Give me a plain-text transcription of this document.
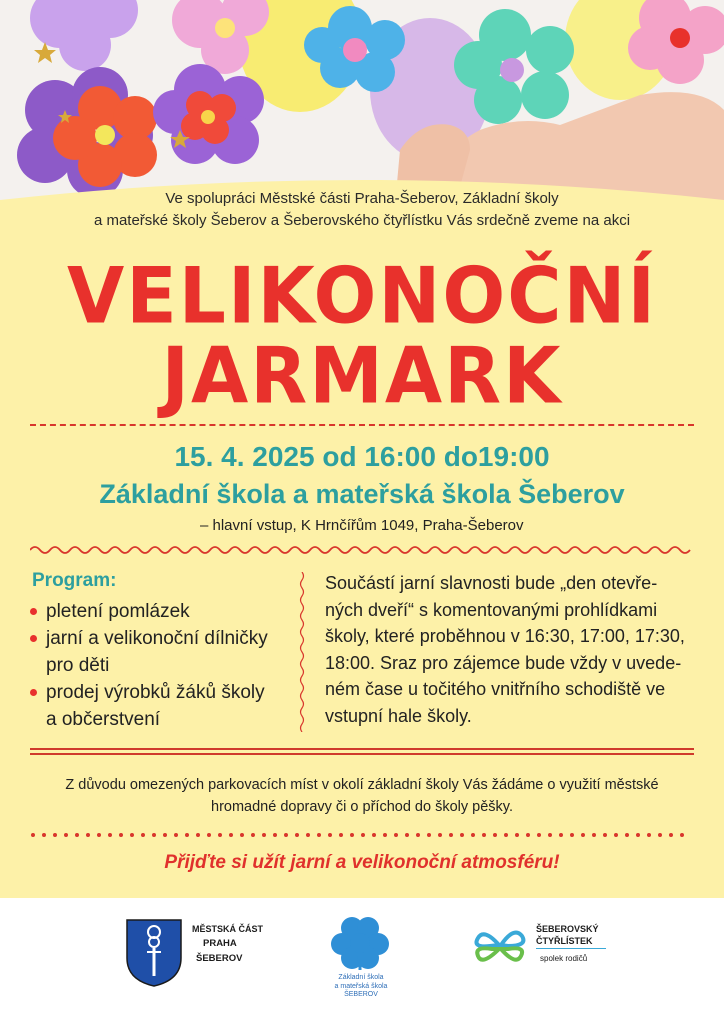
Ve spolupráci Městské části Praha-Šeberov, Základní školy
a mateřské školy Šeberov a Šeberovského čtyřlístku Vás srdečně zveme na akci
VELIKONOČNÍ
JARMARK
15. 4. 2025 od 16:00 do19:00
Základní škola a mateřská škola Šeberov
– hlavní vstup, K Hrnčířům 1049, Praha-Šeberov
Program:
pletení pomlázek
jarní a velikonoční dílničky
pro děti
prodej výrobků žáků školy
a občerstvení
Součástí jarní slavnosti bude „den otevře-
ných dveří“ s komentovanými prohlídkami
školy, které proběhnou v 16:30, 17:00, 17:30,
18:00. Sraz pro zájemce bude vždy v uvede-
ném čase u točitého vnitřního schodiště ve
vstupní hale školy.
Z důvodu omezených parkovacích míst v okolí základní školy Vás žádáme o využití městské
hromadné dopravy či o příchod do školy pěšky.
Přijďte si užít jarní a velikonoční atmosféru!
MĚSTSKÁ ČÁST
PRAHA
ŠEBEROV
Základní škola
a mateřská škola
ŠEBEROV
ŠEBEROVSKÝ
ČTYŘLÍSTEK
spolek rodičů
